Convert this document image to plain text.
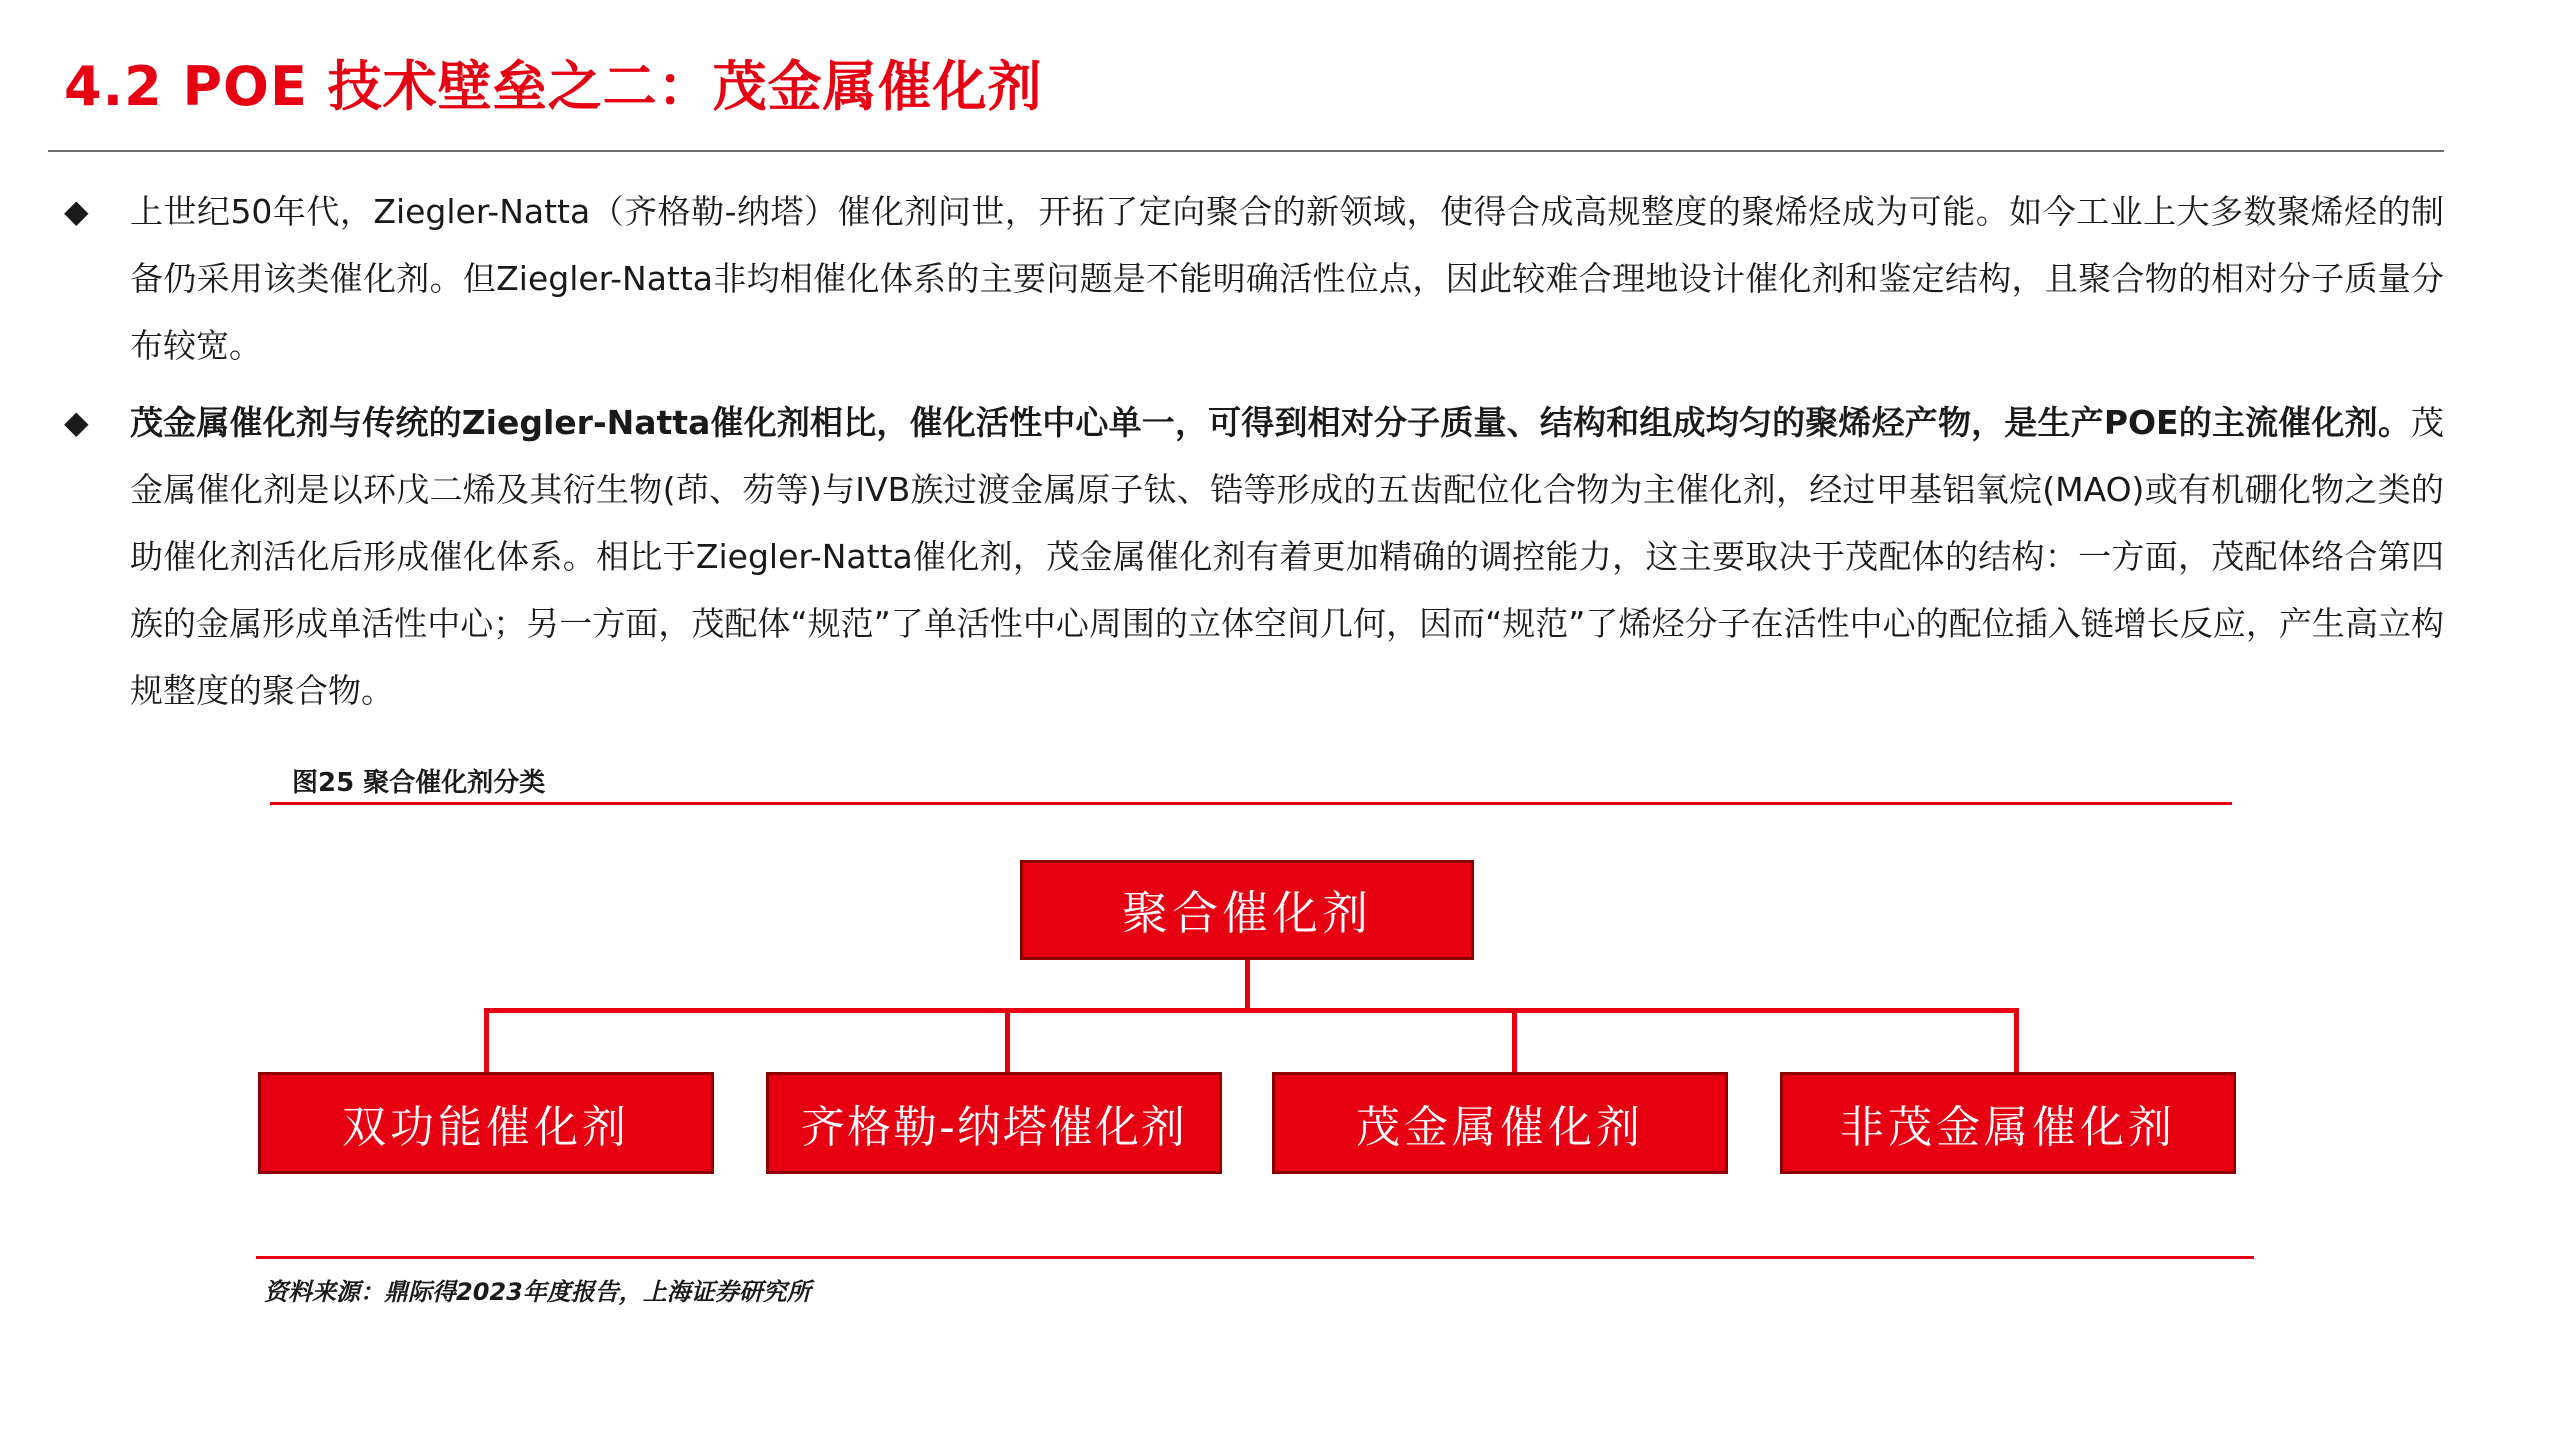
4.2 POE 技术壁垒之二：茂金属催化剂
◆ 上世纪50年代，Ziegler-Natta（齐格勒-纳塔）催化剂问世，开拓了定向聚合的新领域，使得合成高规整度的聚烯烃成为可能。如今工业上大多数聚烯烃的制备仍采用该类催化剂。但Ziegler-Natta非均相催化体系的主要问题是不能明确活性位点，因此较难合理地设计催化剂和鉴定结构，且聚合物的相对分子质量分布较宽。
◆ 茂金属催化剂与传统的Ziegler-Natta催化剂相比，催化活性中心单一，可得到相对分子质量、结构和组成均匀的聚烯烃产物，是生产POE的主流催化剂。茂金属催化剂是以环戊二烯及其衍生物(茚、芴等)与IVB族过渡金属原子钛、锆等形成的五齿配位化合物为主催化剂，经过甲基铝氧烷(MAO)或有机硼化物之类的助催化剂活化后形成催化体系。相比于Ziegler-Natta催化剂，茂金属催化剂有着更加精确的调控能力，这主要取决于茂配体的结构：一方面，茂配体络合第四族的金属形成单活性中心；另一方面，茂配体“规范”了单活性中心周围的立体空间几何，因而“规范”了烯烃分子在活性中心的配位插入链增长反应，产生高立构规整度的聚合物。
图25 聚合催化剂分类
聚合催化剂
双功能催化剂	齐格勒-纳塔催化剂	茂金属催化剂	非茂金属催化剂
资料来源：鼎际得2023年度报告，上海证券研究所
